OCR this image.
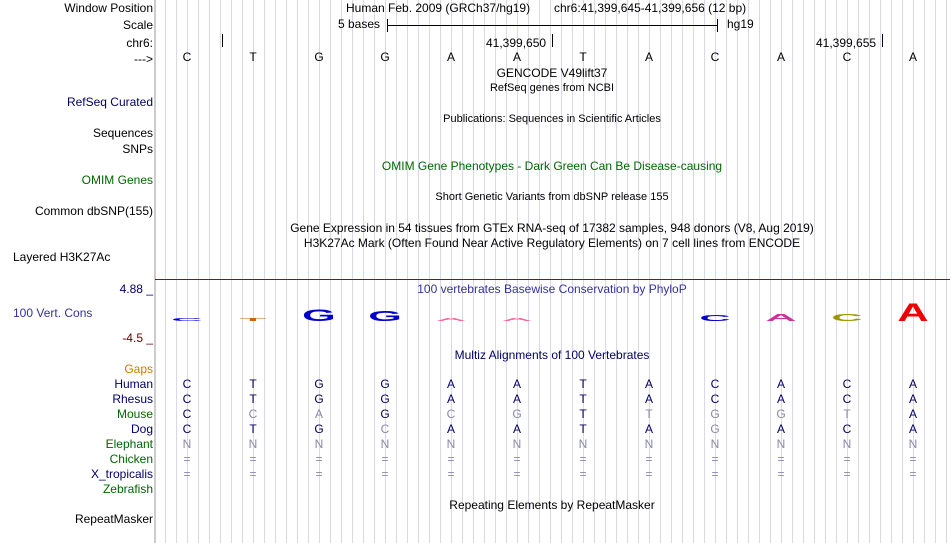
Window Position	Human Feb. 2009 (GRCh37/hg19) chr6:41,399,645-41,399,656 (12 bp)
Scale	5 bases	hg19
chr6:	41,399,650	41,399,655
--->	C	T	G	G	A	A	T	A	C	A	C	A
GENCODE V49lift37
RefSeq genes from NCBI
RefSeq Curated
Publications: Sequences in Scientific Articles
Sequences
SNPs
OMIM Gene Phenotypes - Dark Green Can Be Disease-causing
OMIM Genes
Short Genetic Variants from dbSNP release 155
Common dbSNP(155)
Gene Expression in 54 tissues from GTEx RNA-seq of 17382 samples, 948 donors (V8, Aug 2019)
H3K27Ac Mark (Often Found Near Active Regulatory Elements) on 7 cell lines from ENCODE
Layered H3K27Ac
100 vertebrates Basewise Conservation by PhyloP
4.88 _
100 Vert. Cons
-4.5 _
C T G G A A	C A C A
Multiz Alignments of 100 Vertebrates
Gaps
Human	C	T	G	G	A	A	T	A	C	A	C	A
Rhesus	C	T	G	G	A	A	T	A	C	A	C	A
Mouse	C	C	A	G	C	G	T	T	G	G	T	A
Dog	C	T	G	C	A	A	T	A	G	A	C	A
Elephant	N	N	N	N	N	N	N	N	N	N	N	N
Chicken	=	=	=	=	=	=	=	=	=	=	=	=
X_tropicalis	=	=	=	=	=	=	=	=	=	=	=	=
Zebrafish
Repeating Elements by RepeatMasker
RepeatMasker
